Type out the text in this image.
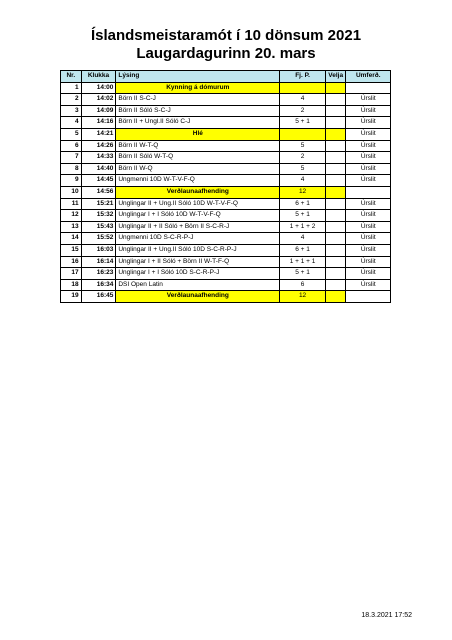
Íslandsmeistaramót í 10 dönsum 2021
Laugardagurinn 20. mars
Nr.	Klukka	Lýsing	Fj. P.	Velja	Umferð.
1	14:00	Kynning á dómurum			
2	14:02	Börn II S-C-J	4		Úrslit
3	14:09	Börn II Sóló S-C-J	2		Úrslit
4	14:16	Börn II + Ungl.II Sóló C-J	5 + 1		Úrslit
5	14:21	Hlé			Úrslit
6	14:26	Börn II W-T-Q	5		Úrslit
7	14:33	Börn II Sóló W-T-Q	2		Úrslit
8	14:40	Börn II W-Q	5		Úrslit
9	14:45	Ungmenni 10D W-T-V-F-Q	4		Úrslit
10	14:56	Verðlaunaafhending	12		
11	15:21	Unglingar II + Ung.II Sóló 10D W-T-V-F-Q	6 + 1		Úrslit
12	15:32	Unglingar I + I Sóló 10D W-T-V-F-Q	5 + 1		Úrslit
13	15:43	Unglingar II + II Sóló + Börn II S-C-R-J	1 + 1 + 2		Úrslit
14	15:52	Ungmenni 10D S-C-R-P-J	4		Úrslit
15	16:03	Unglingar II + Ung.II Sóló 10D S-C-R-P-J	6 + 1		Úrslit
16	16:14	Unglingar I + II Sóló + Börn II W-T-F-Q	1 + 1 + 1		Úrslit
17	16:23	Unglingar I + I Sóló 10D S-C-R-P-J	5 + 1		Úrslit
18	16:34	DSI Open Latin	6		Úrslit
19	16:45	Verðlaunaafhending	12		
18.3.2021 17:52
